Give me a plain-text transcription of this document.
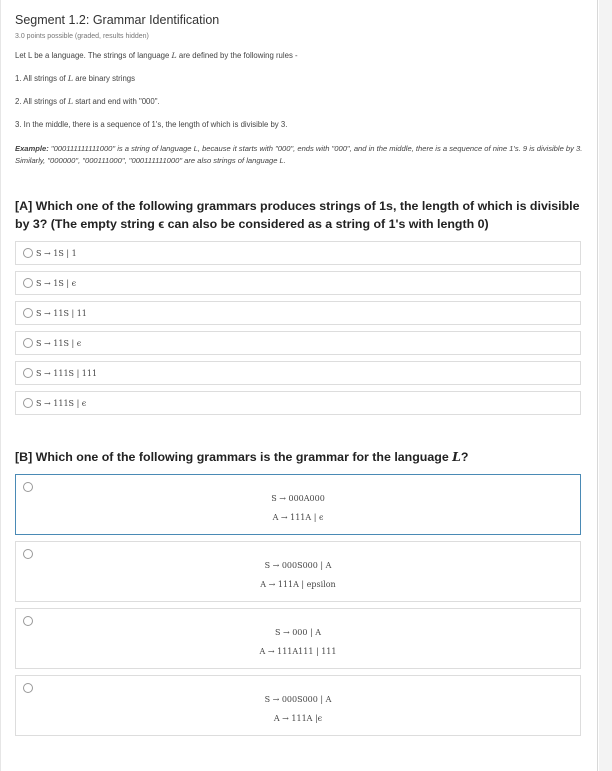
Segment 1.2: Grammar Identification
3.0 points possible (graded, results hidden)
Let L be a language. The strings of language L are defined by the following rules -
1. All strings of L are binary strings
2. All strings of L start and end with "000".
3. In the middle, there is a sequence of 1's, the length of which is divisible by 3.
Example: "000111111111000" is a string of language L, because it starts with "000", ends with "000", and in the middle, there is a sequence of nine 1's. 9 is divisible by 3. Similarly, "000000", "000111000", "000111111000" are also strings of language L.
[A] Which one of the following grammars produces strings of 1s, the length of which is divisible by 3? (The empty string ϵ can also be considered as a string of 1's with length 0)
S → 1S | 1
S → 1S | ϵ
S → 11S | 11
S → 11S | ϵ
S → 111S | 111
S → 111S | ϵ
[B] Which one of the following grammars is the grammar for the language L?
S → 000A000
A → 111A | ϵ
S → 000S000 | A
A → 111A | epsilon
S → 000 | A
A → 111A111 | 111
S → 000S000 | A
A → 111A |ϵ
